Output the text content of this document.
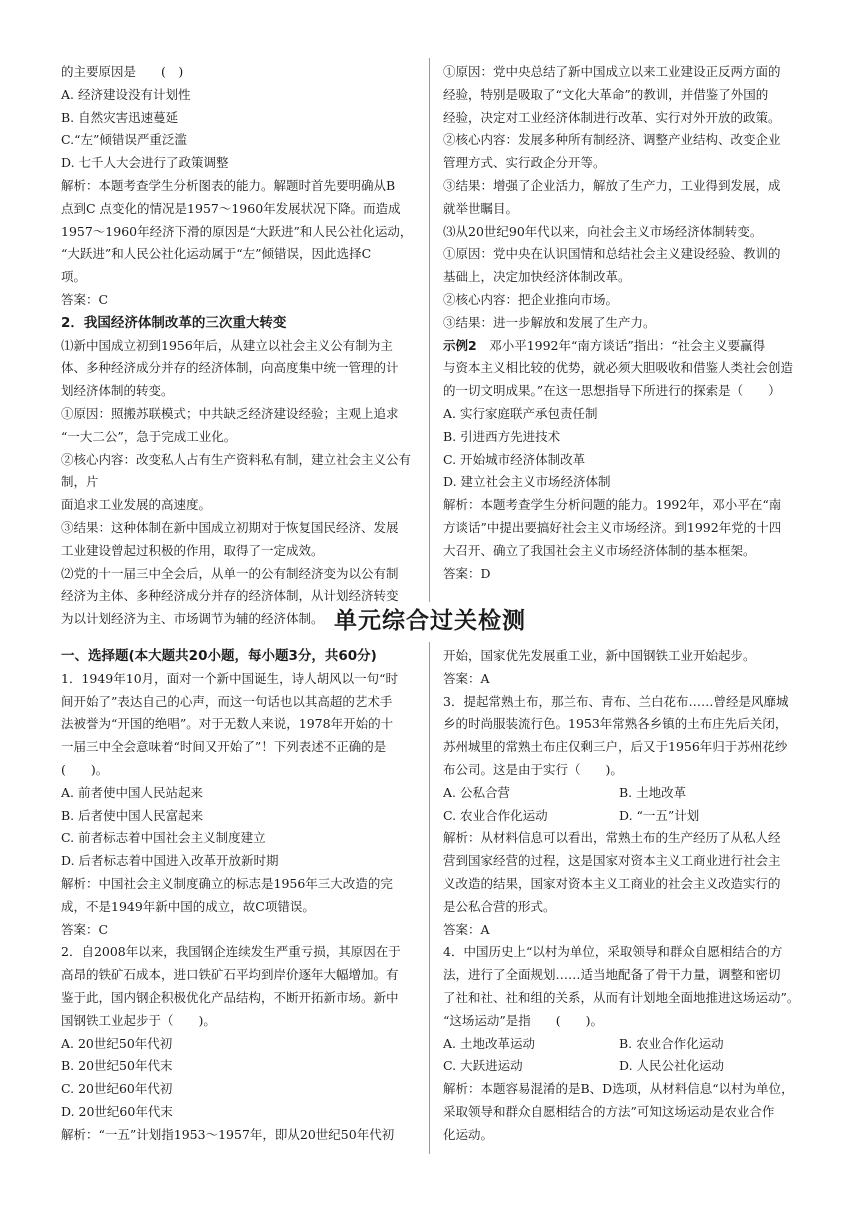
的主要原因是　　(　)

A. 经济建设没有计划性

B. 自然灾害迅速蔓延

C.“左”倾错误严重泛滥

D. 七千人大会进行了政策调整

解析：本题考查学生分析图表的能力。解题时首先要明确从B

点到C 点变化的情况是1957～1960年发展状况下降。而造成

1957～1960年经济下滑的原因是“大跃进”和人民公社化运动，

“大跃进”和人民公社化运动属于“左”倾错误，因此选择C

项。

答案：C

2．我国经济体制改革的三次重大转变

⑴新中国成立初到1956年后，从建立以社会主义公有制为主

体、多种经济成分并存的经济体制，向高度集中统一管理的计

划经济体制的转变。

①原因：照搬苏联模式；中共缺乏经济建设经验；主观上追求

“一大二公”，急于完成工业化。

②核心内容：改变私人占有生产资料私有制，建立社会主义公有制，片

面追求工业发展的高速度。

③结果：这种体制在新中国成立初期对于恢复国民经济、发展

工业建设曾起过积极的作用，取得了一定成效。

⑵党的十一届三中全会后，从单一的公有制经济变为以公有制

经济为主体、多种经济成分并存的经济体制，从计划经济转变

为以计划经济为主、市场调节为辅的经济体制。

①原因：党中央总结了新中国成立以来工业建设正反两方面的

经验，特别是吸取了“文化大革命”的教训，并借鉴了外国的

经验，决定对工业经济体制进行改革、实行对外开放的政策。

②核心内容：发展多种所有制经济、调整产业结构、改变企业

管理方式、实行政企分开等。

③结果：增强了企业活力，解放了生产力，工业得到发展，成

就举世瞩目。

⑶从20世纪90年代以来，向社会主义市场经济体制转变。

①原因：党中央在认识国情和总结社会主义建设经验、教训的

基础上，决定加快经济体制改革。

②核心内容：把企业推向市场。

③结果：进一步解放和发展了生产力。

示例2　邓小平1992年“南方谈话”指出：“社会主义要赢得

与资本主义相比较的优势，就必须大胆吸收和借鉴人类社会创造

的一切文明成果。”在这一思想指导下所进行的探索是（　　）

A. 实行家庭联产承包责任制

B. 引进西方先进技术

C. 开始城市经济体制改革

D. 建立社会主义市场经济体制

解析：本题考查学生分析问题的能力。1992年，邓小平在“南

方谈话”中提出要搞好社会主义市场经济。到1992年党的十四

大召开、确立了我国社会主义市场经济体制的基本框架。

答案：D

单元综合过关检测

一、选择题(本大题共20小题，每小题3分，共60分)

1．1949年10月，面对一个新中国诞生，诗人胡风以一句“时

间开始了”表达自己的心声，而这一句话也以其高超的艺术手

法被誉为“开国的绝唱”。对于无数人来说，1978年开始的十

一届三中全会意味着“时间又开始了”！下列表述不正确的是

(　　)。

A. 前者使中国人民站起来

B. 后者使中国人民富起来

C. 前者标志着中国社会主义制度建立

D. 后者标志着中国进入改革开放新时期

解析：中国社会主义制度确立的标志是1956年三大改造的完

成，不是1949年新中国的成立，故C项错误。

答案：C

2．自2008年以来，我国钢企连续发生严重亏损，其原因在于

高昂的铁矿石成本，进口铁矿石平均到岸价逐年大幅增加。有

鉴于此，国内钢企积极优化产品结构，不断开拓新市场。新中

国钢铁工业起步于（　　)。

A. 20世纪50年代初

B. 20世纪50年代末

C. 20世纪60年代初

D. 20世纪60年代末

解析：“一五”计划指1953～1957年，即从20世纪50年代初

开始，国家优先发展重工业，新中国钢铁工业开始起步。

答案：A

3．提起常熟土布，那兰布、青布、兰白花布……曾经是风靡城

乡的时尚服装流行色。1953年常熟各乡镇的土布庄先后关闭，

苏州城里的常熟土布庄仅剩三户，后又于1956年归于苏州花纱

布公司。这是由于实行（　　)。

A. 公私合营	B. 土地改革

C. 农业合作化运动	D. “一五”计划

解析：从材料信息可以看出，常熟土布的生产经历了从私人经

营到国家经营的过程，这是国家对资本主义工商业进行社会主

义改造的结果，国家对资本主义工商业的社会主义改造实行的

是公私合营的形式。

答案：A

4．中国历史上“以村为单位，采取领导和群众自愿相结合的方

法，进行了全面规划……适当地配备了骨干力量，调整和密切

了社和社、社和组的关系，从而有计划地全面地推进这场运动”。

“这场运动”是指　　(　　)。

A. 土地改革运动	B. 农业合作化运动

C. 大跃进运动	D. 人民公社化运动

解析：本题容易混淆的是B、D选项，从材料信息“以村为单位，

采取领导和群众自愿相结合的方法”可知这场运动是农业合作

化运动。
